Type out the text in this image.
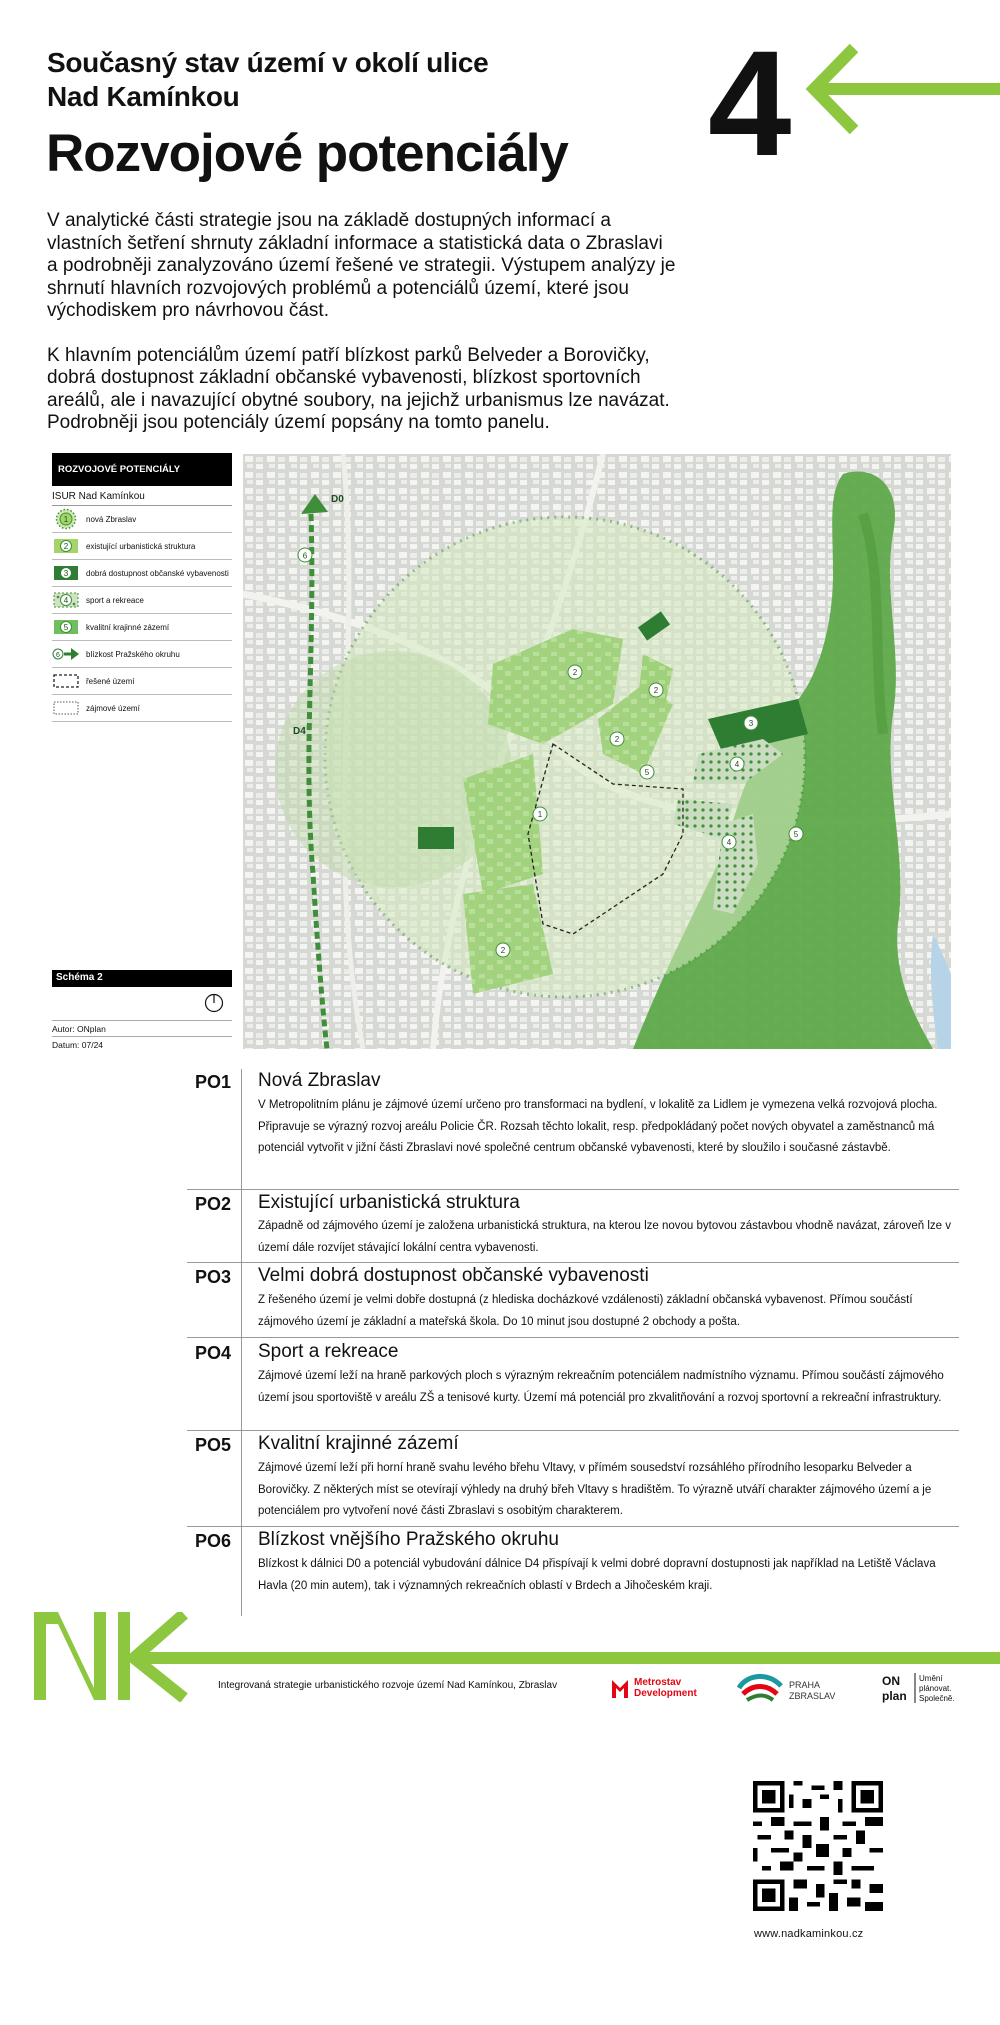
Současný stav území v okolí ulice
Nad Kamínkou
Rozvojové potenciály 4

V analytické části strategie jsou na základě dostupných informací a vlastních šetření shrnuty základní informace a statistická data o Zbraslavi a podrobněji zanalyzováno území řešené ve strategii. Výstupem analýzy je shrnutí hlavních rozvojových problémů a potenciálů území, které jsou východiskem pro návrhovou část.

K hlavním potenciálům území patří blízkost parků Belveder a Borovičky, dobrá dostupnost základní občanské vybavenosti, blízkost sportovních areálů, ale i navazující obytné soubory, na jejichž urbanismus lze navázat. Podrobněji jsou potenciály území popsány na tomto panelu.

ROZVOJOVÉ POTENCIÁLY
ISUR Nad Kamínkou
1 nová Zbraslav
2 existující urbanistická struktura
3 dobrá dostupnost občanské vybavenosti
4 sport a rekreace
5 kvalitní krajinné zázemí
6	blízkost Pražského okruhu
řešené území
zájmové území
Schéma 2
Autor: ONplan
Datum: 07/24
D0
D4
6
1
2
2
2
2
3
4
4
5
5
PO1 Nová Zbraslav
V Metropolitním plánu je zájmové území určeno pro transformaci na bydlení, v lokalitě za Lidlem je vymezena velká rozvojová plocha. Připravuje se výrazný rozvoj areálu Policie ČR. Rozsah těchto lokalit, resp. předpokládaný počet nových obyvatel a zaměstnanců má potenciál vytvořit v jižní části Zbraslavi nové společné centrum občanské vybavenosti, které by sloužilo i současné zástavbě.
PO2 Existující urbanistická struktura
Západně od zájmového území je založena urbanistická struktura, na kterou lze novou bytovou zástavbou vhodně navázat, zároveň lze v území dále rozvíjet stávající lokální centra vybavenosti.
PO3 Velmi dobrá dostupnost občanské vybavenosti
Z řešeného území je velmi dobře dostupná (z hlediska docházkové vzdálenosti) základní občanská vybavenost. Přímou součástí zájmového území je základní a mateřská škola. Do 10 minut jsou dostupné 2 obchody a pošta.
PO4 Sport a rekreace
Zájmové území leží na hraně parkových ploch s výrazným rekreačním potenciálem nadmístního významu. Přímou součástí zájmového území jsou sportoviště v areálu ZŠ a tenisové kurty. Území má potenciál pro zkvalitňování a rozvoj sportovní a rekreační infrastruktury.
PO5 Kvalitní krajinné zázemí
Zájmové území leží při horní hraně svahu levého břehu Vltavy, v přímém sousedství rozsáhlého přírodního lesoparku Belveder a Borovičky. Z některých míst se otevírají výhledy na druhý břeh Vltavy s hradištěm. To výrazně utváří charakter zájmového území a je potenciálem pro vytvoření nové části Zbraslavi s osobitým charakterem.
PO6 Blízkost vnějšího Pražského okruhu
Blízkost k dálnici D0 a potenciál vybudování dálnice D4 přispívají k velmi dobré dopravní dostupnosti jak například na Letiště Václava Havla (20 min autem), tak i významných rekreačních oblastí v Brdech a Jihočeském kraji.
Integrovaná strategie urbanistického rozvoje území Nad Kamínkou, Zbraslav	Metrostav
Development
PRAHA
ZBRASLAV
ON
plan
Umění
plánovat.
Společně.
www.nadkaminkou.cz
